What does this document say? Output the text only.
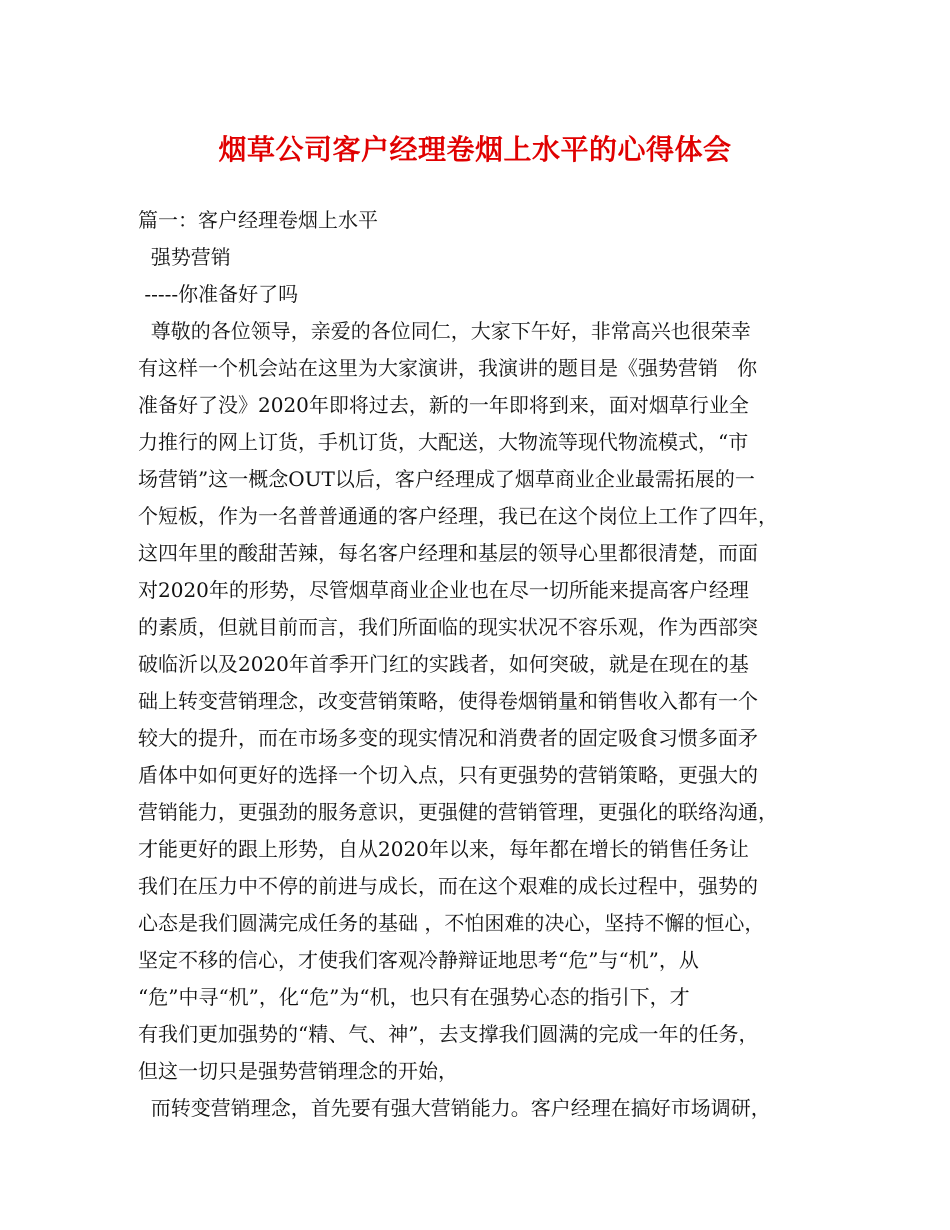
烟草公司客户经理卷烟上水平的心得体会
篇一：客户经理卷烟上水平
强势营销
-----你准备好了吗
尊敬的各位领导，亲爱的各位同仁，大家下午好，非常高兴也很荣幸
有这样一个机会站在这里为大家演讲，我演讲的题目是《强势营销   你
准备好了没》2020年即将过去，新的一年即将到来，面对烟草行业全
力推行的网上订货，手机订货，大配送，大物流等现代物流模式，“市
场营销”这一概念OUT以后，客户经理成了烟草商业企业最需拓展的一
个短板，作为一名普普通通的客户经理，我已在这个岗位上工作了四年，
这四年里的酸甜苦辣，每名客户经理和基层的领导心里都很清楚，而面
对2020年的形势，尽管烟草商业企业也在尽一切所能来提高客户经理
的素质，但就目前而言，我们所面临的现实状况不容乐观，作为西部突
破临沂以及2020年首季开门红的实践者，如何突破，就是在现在的基
础上转变营销理念，改变营销策略，使得卷烟销量和销售收入都有一个
较大的提升，而在市场多变的现实情况和消费者的固定吸食习惯多面矛
盾体中如何更好的选择一个切入点，只有更强势的营销策略，更强大的
营销能力，更强劲的服务意识，更强健的营销管理，更强化的联络沟通，
才能更好的跟上形势，自从2020年以来，每年都在增长的销售任务让
我们在压力中不停的前进与成长，而在这个艰难的成长过程中，强势的
心态是我们圆满完成任务的基础 ，不怕困难的决心，坚持不懈的恒心，
坚定不移的信心，才使我们客观冷静辩证地思考“危”与“机”，从
“危”中寻“机”，化“危”为“机，也只有在强势心态的指引下，才
有我们更加强势的“精、气、神”，去支撑我们圆满的完成一年的任务，
但这一切只是强势营销理念的开始，
而转变营销理念，首先要有强大营销能力。客户经理在搞好市场调研，
